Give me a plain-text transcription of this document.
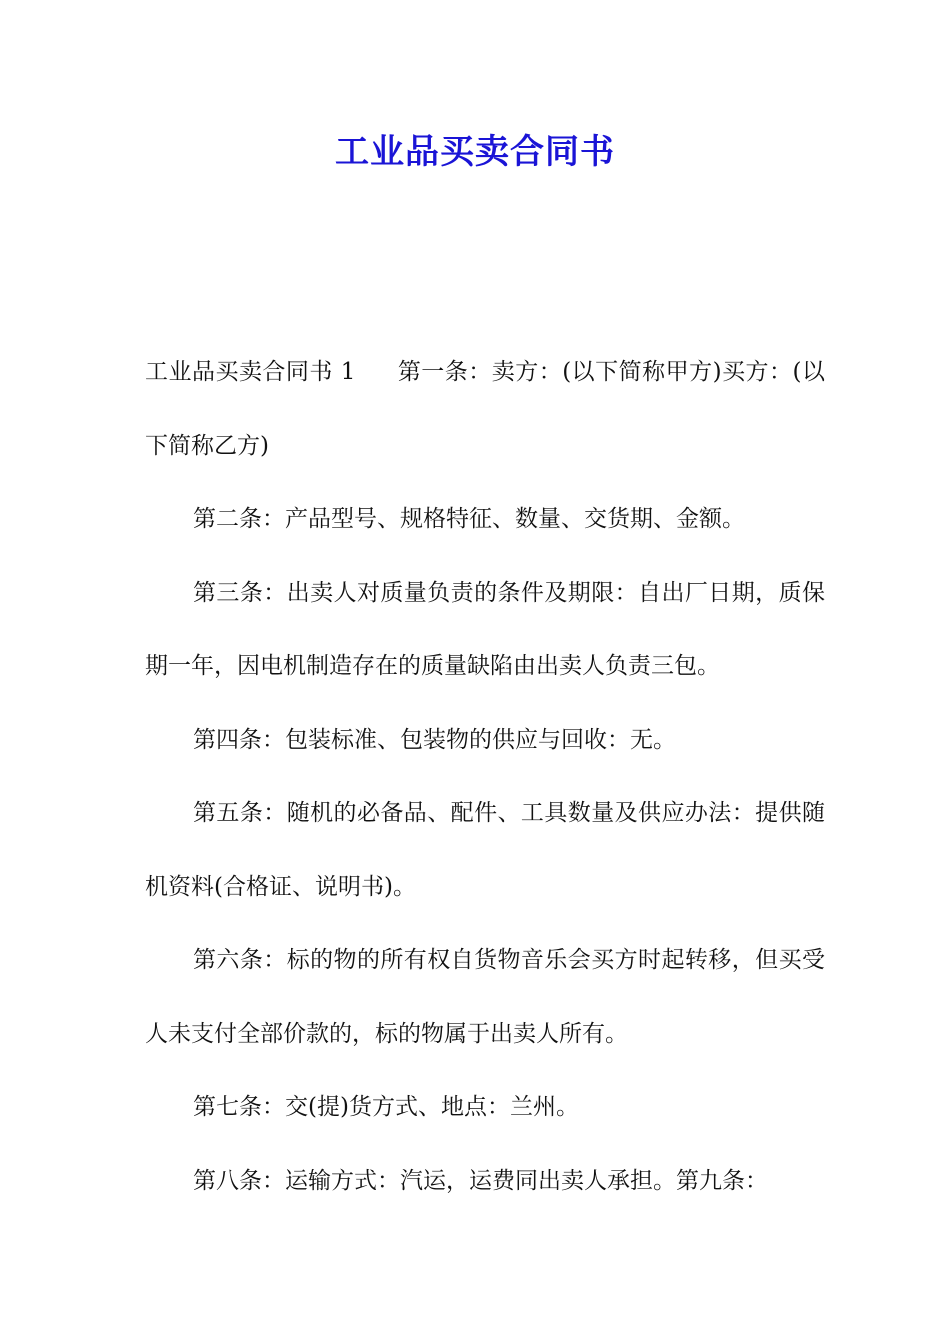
工业品买卖合同书

工业品买卖合同书 1 第一条：卖方：(以下简称甲方)买方：(以下简称乙方)

第二条：产品型号、规格特征、数量、交货期、金额。

第三条：出卖人对质量负责的条件及期限：自出厂日期，质保期一年，因电机制造存在的质量缺陷由出卖人负责三包。

第四条：包装标准、包装物的供应与回收：无。

第五条：随机的必备品、配件、工具数量及供应办法：提供随机资料(合格证、说明书)。

第六条：标的物的所有权自货物音乐会买方时起转移，但买受人未支付全部价款的，标的物属于出卖人所有。

第七条：交(提)货方式、地点：兰州。

第八条：运输方式：汽运，运费同出卖人承担。第九条：
